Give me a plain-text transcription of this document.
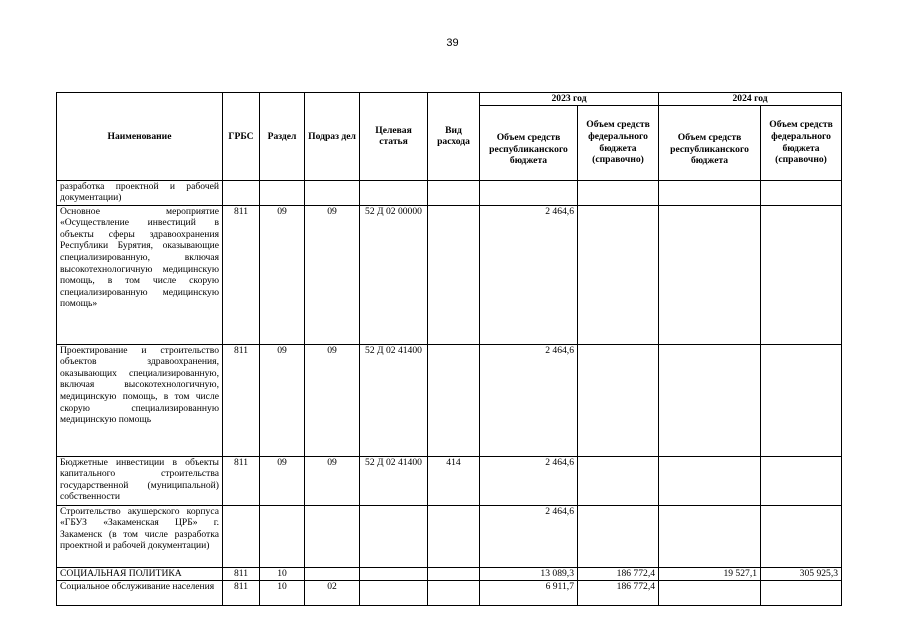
39
Наименование	ГРБС	Раздел	Подраз дел	Целевая статья	Вид расхода	2023 год		2024 год	
						Объем средств республиканского бюджета	Объем средств федерального бюджета (справочно)	Объем средств республиканского бюджета	Объем средств федерального бюджета (справочно)
разработка проектной и рабочей документации)									
Основное мероприятие «Осуществление инвестиций в объекты сферы здравоохранения Республики Бурятия, оказывающие специализированную, включая высокотехнологичную медицинскую помощь, в том числе скорую специализированную медицинскую помощь»	811	09	09	52 Д 02 00000		2 464,6			
Проектирование и строительство объектов здравоохранения, оказывающих специализированную, включая высокотехнологичную, медицинскую помощь, в том числе скорую специализированную медицинскую помощь	811	09	09	52 Д 02 41400		2 464,6			
Бюджетные инвестиции в объекты капитального строительства государственной (муниципальной) собственности	811	09	09	52 Д 02 41400	414	2 464,6			
Строительство акушерского корпуса «ГБУЗ «Закаменская ЦРБ» г. Закаменск (в том числе разработка проектной и рабочей документации)						2 464,6			
СОЦИАЛЬНАЯ ПОЛИТИКА	811	10				13 089,3	186 772,4	19 527,1	305 925,3
Социальное обслуживание населения	811	10	02			6 911,7	186 772,4		
